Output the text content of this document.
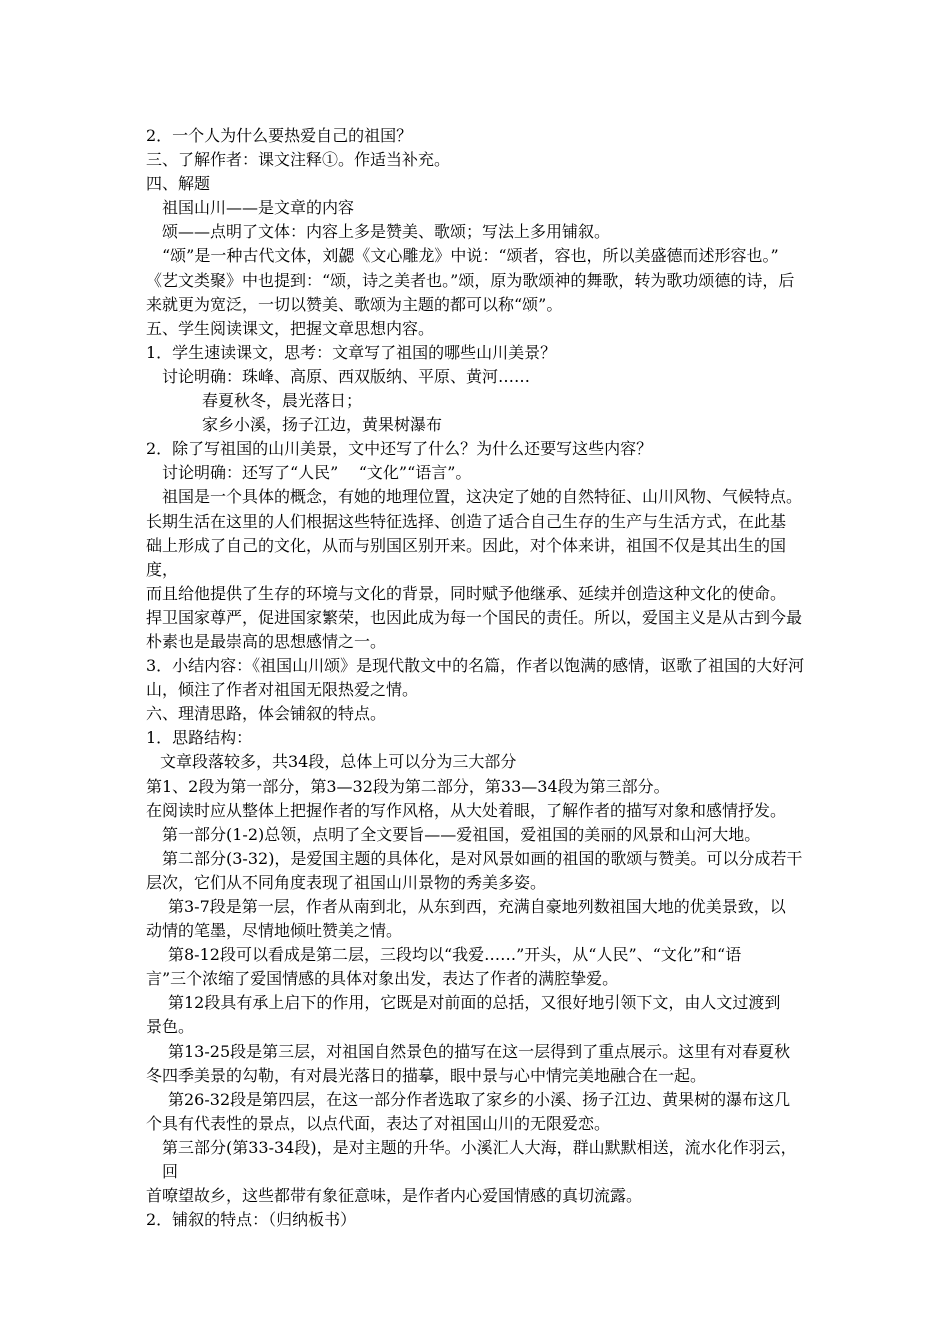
2．一个人为什么要热爱自己的祖国？

三、了解作者：课文注释①。作适当补充。

四、解题

祖国山川——是文章的内容

颂——点明了文体：内容上多是赞美、歌颂；写法上多用铺叙。

“颂”是一种古代文体，刘勰《文心雕龙》中说：“颂者，容也，所以美盛德而述形容也。”

《艺文类聚》中也提到：“颂，诗之美者也。”颂，原为歌颂神的舞歌，转为歌功颂德的诗，后

来就更为宽泛，一切以赞美、歌颂为主题的都可以称“颂”。

五、学生阅读课文，把握文章思想内容。

1．学生速读课文，思考：文章写了祖国的哪些山川美景？

讨论明确：珠峰、高原、西双版纳、平原、黄河……

春夏秋冬，晨光落日；

家乡小溪，扬子江边，黄果树瀑布

2．除了写祖国的山川美景，文中还写了什么？为什么还要写这些内容？

讨论明确：还写了“人民”    “文化”“语言”。

祖国是一个具体的概念，有她的地理位置，这决定了她的自然特征、山川风物、气候特点。

长期生活在这里的人们根据这些特征选择、创造了适合自己生存的生产与生活方式，在此基

础上形成了自己的文化，从而与别国区别开来。因此，对个体来讲，祖国不仅是其出生的国度，

而且给他提供了生存的环境与文化的背景，同时赋予他继承、延续并创造这种文化的使命。

捍卫国家尊严，促进国家繁荣，也因此成为每一个国民的责任。所以，爱国主义是从古到今最

朴素也是最崇高的思想感情之一。

3．小结内容：《祖国山川颂》是现代散文中的名篇，作者以饱满的感情，讴歌了祖国的大好河

山，倾注了作者对祖国无限热爱之情。

六、理清思路，体会铺叙的特点。

1．思路结构：

文章段落较多，共34段，总体上可以分为三大部分

第1、2段为第一部分，第3—32段为第二部分，第33—34段为第三部分。

在阅读时应从整体上把握作者的写作风格，从大处着眼，了解作者的描写对象和感情抒发。

第一部分(1-2)总领，点明了全文要旨——爱祖国，爱祖国的美丽的风景和山河大地。

第二部分(3-32)，是爱国主题的具体化，是对风景如画的祖国的歌颂与赞美。可以分成若干

层次，它们从不同角度表现了祖国山川景物的秀美多姿。

第3-7段是第一层，作者从南到北，从东到西，充满自豪地列数祖国大地的优美景致，以

动情的笔墨，尽情地倾吐赞美之情。

第8-12段可以看成是第二层，三段均以“我爱……”开头，从“人民”、“文化”和“语

言”三个浓缩了爱国情感的具体对象出发，表达了作者的满腔挚爱。

第12段具有承上启下的作用，它既是对前面的总括，又很好地引领下文，由人文过渡到

景色。

第13-25段是第三层，对祖国自然景色的描写在这一层得到了重点展示。这里有对春夏秋

冬四季美景的勾勒，有对晨光落日的描摹，眼中景与心中情完美地融合在一起。

第26-32段是第四层，在这一部分作者选取了家乡的小溪、扬子江边、黄果树的瀑布这几

个具有代表性的景点，以点代面，表达了对祖国山川的无限爱恋。

第三部分(第33-34段)，是对主题的升华。小溪汇人大海，群山默默相送，流水化作羽云，回

首嘹望故乡，这些都带有象征意味，是作者内心爱国情感的真切流露。

2．铺叙的特点：（归纳板书）
